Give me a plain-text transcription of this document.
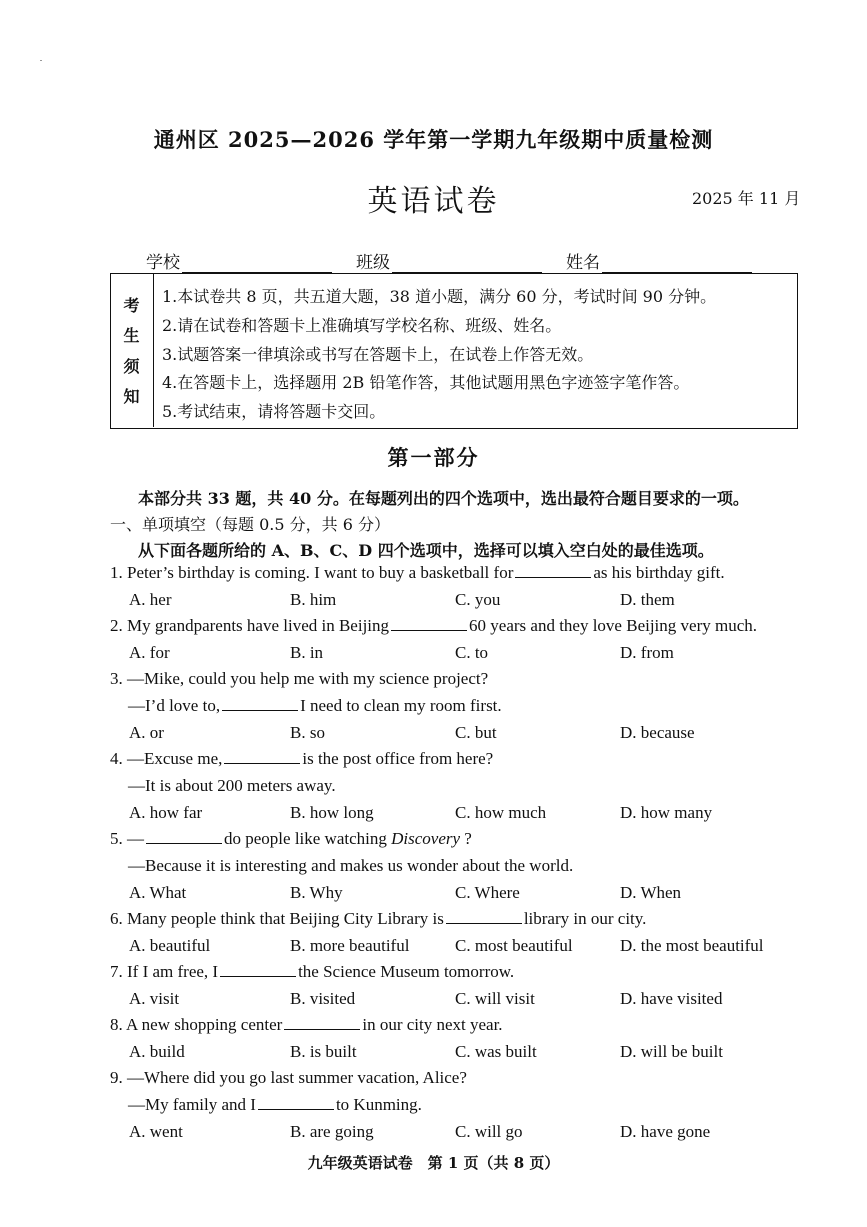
通州区 2025—2026 学年第一学期九年级期中质量检测
英语试卷	2025 年 11 月
学校	班级	姓名
考
生
须
知
1.本试卷共 8 页，共五道大题，38 道小题，满分 60 分，考试时间 90 分钟。
2.请在试卷和答题卡上准确填写学校名称、班级、姓名。
3.试题答案一律填涂或书写在答题卡上，在试卷上作答无效。
4.在答题卡上，选择题用 2B 铅笔作答，其他试题用黑色字迹签字笔作答。
5.考试结束，请将答题卡交回。
第一部分
本部分共 33 题，共 40 分。在每题列出的四个选项中，选出最符合题目要求的一项。
一、单项填空（每题 0.5 分，共 6 分）
从下面各题所给的 A、B、C、D 四个选项中，选择可以填入空白处的最佳选项。
1. Peter’s birthday is coming. I want to buy a basketball for	as his birthday gift.
A. her	B. him	C. you	D. them
2. My grandparents have lived in Beijing	60 years and they love Beijing very much.
A. for	B. in	C. to	D. from
3. —Mike, could you help me with my science project?
—I’d love to,	I need to clean my room first.
A. or	B. so	C. but	D. because
4. —Excuse me,	is the post office from here?
—It is about 200 meters away.
A. how far	B. how long	C. how much	D. how many
5. —	do people like watching Discovery ?
—Because it is interesting and makes us wonder about the world.
A. What	B. Why	C. Where	D. When
6. Many people think that Beijing City Library is	library in our city.
A. beautiful	B. more beautiful	C. most beautiful	D. the most beautiful
7. If I am free, I	the Science Museum tomorrow.
A. visit	B. visited	C. will visit	D. have visited
8. A new shopping center	in our city next year.
A. build	B. is built	C. was built	D. will be built
9. —Where did you go last summer vacation, Alice?
—My family and I	to Kunming.
A. went	B. are going	C. will go	D. have gone
九年级英语试卷　第 1 页（共 8 页）
